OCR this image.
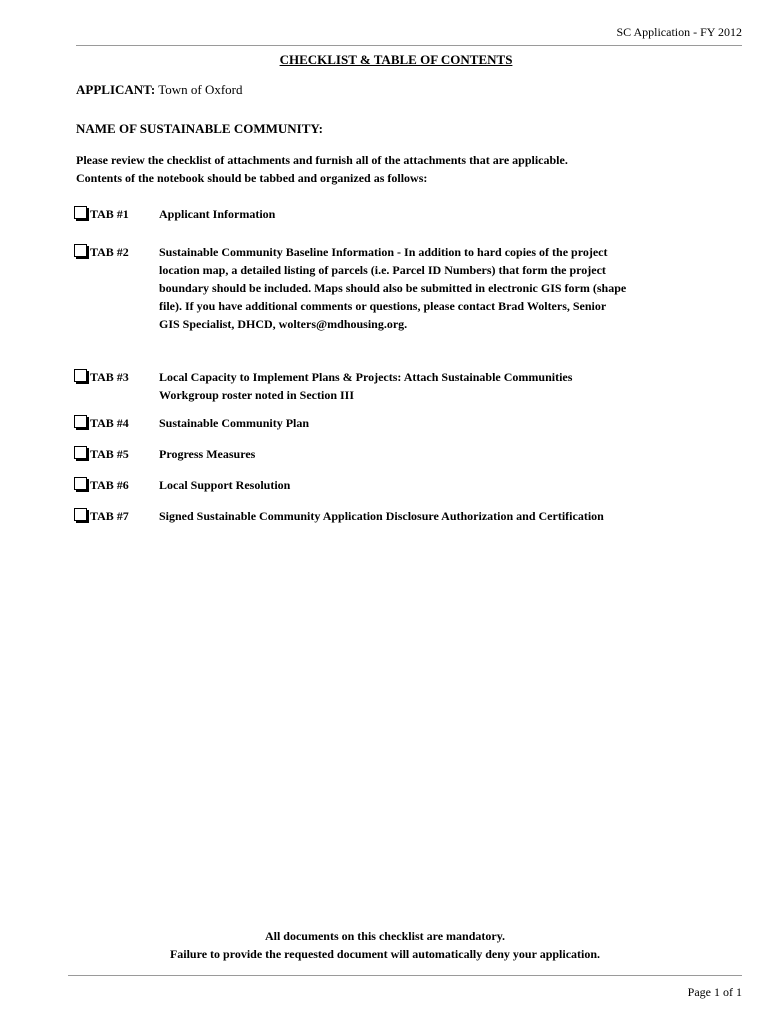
SC Application - FY 2012
CHECKLIST & TABLE OF CONTENTS
APPLICANT: Town of Oxford
NAME OF SUSTAINABLE COMMUNITY:
Please review the checklist of attachments and furnish all of the attachments that are applicable.
Contents of the notebook should be tabbed and organized as follows:
TAB #1	Applicant Information
TAB #2	Sustainable Community Baseline Information - In addition to hard copies of the project location map, a detailed listing of parcels (i.e. Parcel ID Numbers) that form the project boundary should be included. Maps should also be submitted in electronic GIS form (shape file). If you have additional comments or questions, please contact Brad Wolters, Senior GIS Specialist, DHCD, wolters@mdhousing.org.
TAB #3	Local Capacity to Implement Plans & Projects: Attach Sustainable Communities Workgroup roster noted in Section III
TAB #4	Sustainable Community Plan
TAB #5	Progress Measures
TAB #6	Local Support Resolution
TAB #7	Signed Sustainable Community Application Disclosure Authorization and Certification
All documents on this checklist are mandatory.
Failure to provide the requested document will automatically deny your application.
Page 1 of 1
